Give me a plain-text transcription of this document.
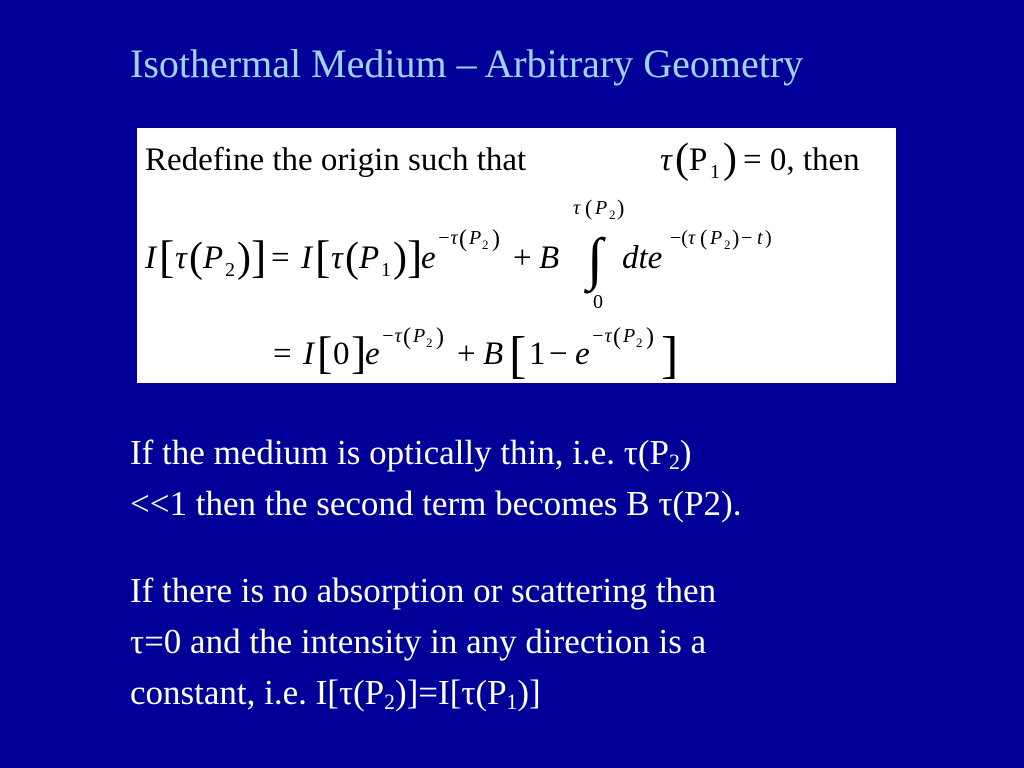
Isothermal Medium – Arbitrary Geometry
Redefine the origin such that	τ ( P 1 ) = 0, then
I [ τ ( P 2 ) ] = I [ τ ( P 1 ) ]
e
−τ ( P 2 )
+ B
τ ( P 2 )
∫
0
dte
−( τ ( P 2 ) − t )
= I [ 0 ]
e −τ ( P 2 ) + B [ 1 − e −τ ( P 2 ) ]
If the medium is optically thin, i.e. $\tau(P_2)$
<<1 then the second term becomes B τ(P2).
If there is no absorption or scattering then
τ=0 and the intensity in any direction is a
constant, i.e. $I[\tau(P_2)]=I[\tau(P_1)]$
